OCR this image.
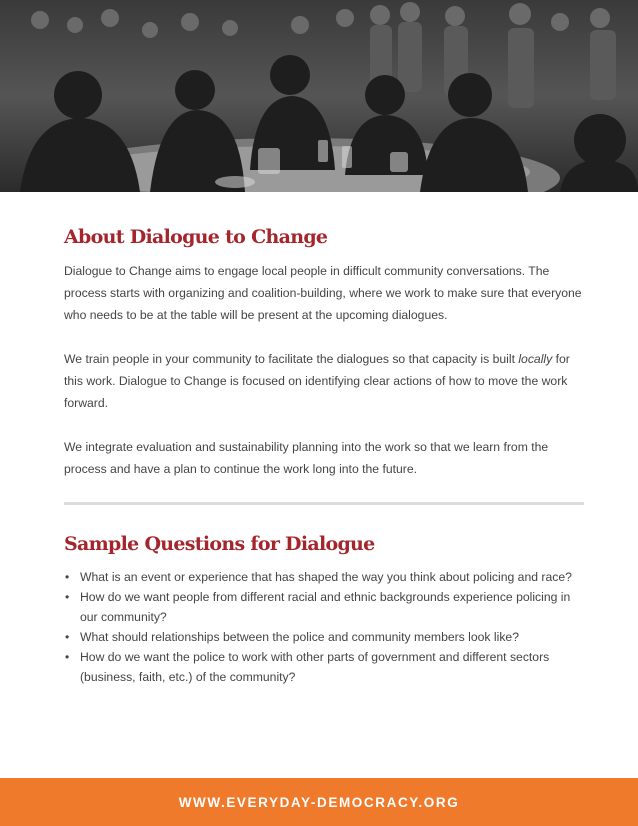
About Dialogue to Change

Dialogue to Change aims to engage local people in difficult community conversations. The process starts with organizing and coalition-building, where we work to make sure that everyone who needs to be at the table will be present at the upcoming dialogues.

We train people in your community to facilitate the dialogues so that capacity is built locally for this work. Dialogue to Change is focused on identifying clear actions of how to move the work forward.

We integrate evaluation and sustainability planning into the work so that we learn from the process and have a plan to continue the work long into the future.

Sample Questions for Dialogue
• What is an event or experience that has shaped the way you think about policing and race?
• How do we want people from different racial and ethnic backgrounds experience policing in our community?
• What should relationships between the police and community members look like?
• How do we want the police to work with other parts of government and different sectors (business, faith, etc.) of the community?
WWW.EVERYDAY-DEMOCRACY.ORG
